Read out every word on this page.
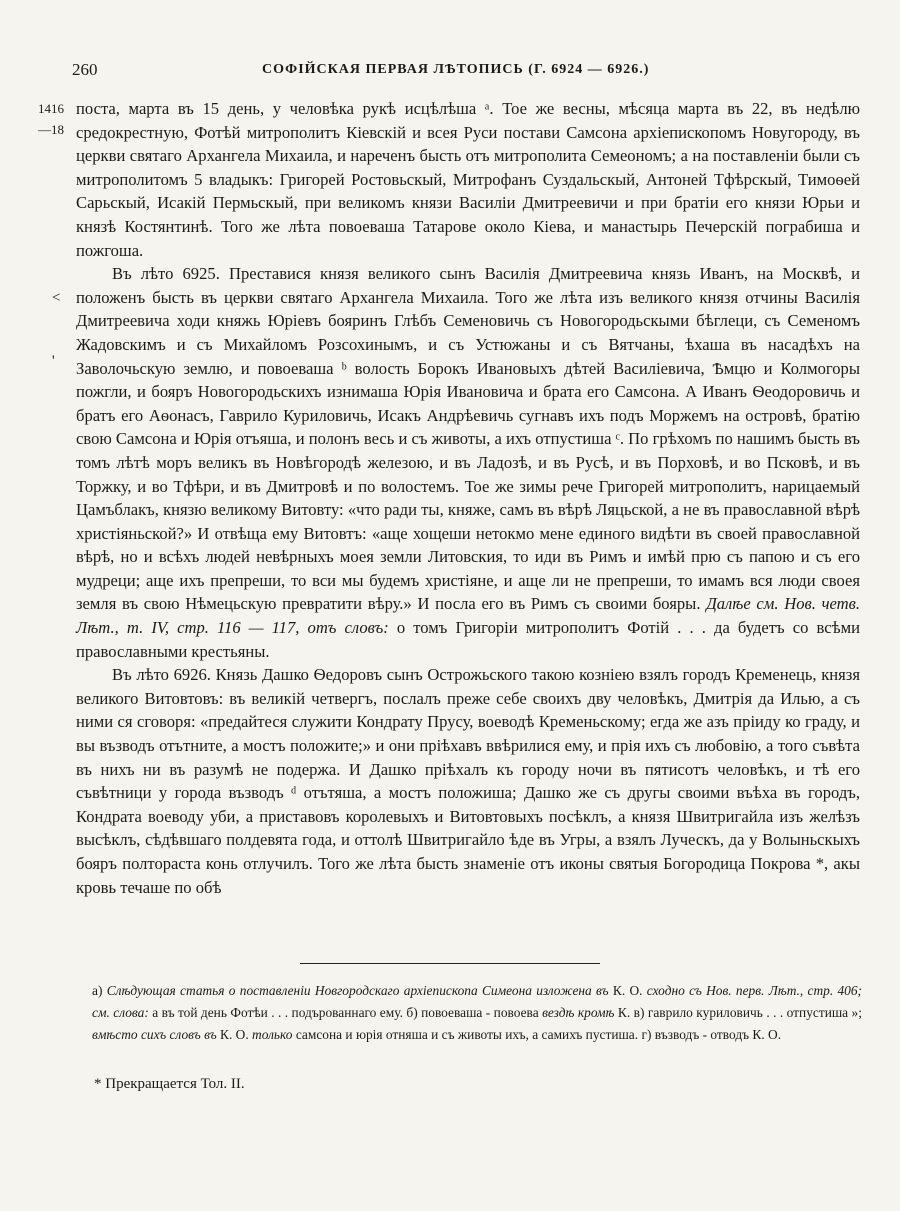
260	СОФІЙСКАЯ ПЕРВАЯ ЛѢТОПИСЬ (Г. 6924 — 6926.)
1416
—18
<
'

поста, марта въ 15 день, у человѣка рукѣ исцѣлѣша ᵃ. Тое же весны, мѣсяца марта въ 22, въ недѣлю средокрестную, Фотѣй митрополитъ Кіевскій и всея Руси постави Самсона архіепископомъ Новугороду, въ церкви святаго Архангела Михаила, и нареченъ бысть отъ митрополита Семеономъ; а на поставленіи были съ митрополитомъ 5 владыкъ: Григорей Ростовьскый, Митрофанъ Суздальскый, Антоней Тфѣрскый, Тимоѳей Сарьскый, Исакій Пермьскый, при великомъ князи Василіи Дмитреевичи и при братіи его князи Юрьи и князѣ Костянтинѣ. Того же лѣта повоеваша Татарове около Кіева, и манастырь Печерскій пограбиша и пожгоша.

Въ лѣто 6925. Преставися князя великого сынъ Василія Дмитреевича князь Иванъ, на Москвѣ, и положенъ бысть въ церкви святаго Архангела Михаила. Того же лѣта изъ великого князя отчины Василія Дмитреевича ходи княжь Юріевъ бояринъ Глѣбъ Семеновичь съ Новогородьскыми бѣглеци, съ Семеномъ Жадовскимъ и съ Михайломъ Розсохинымъ, и съ Устюжаны и съ Вятчаны, ѣхаша въ насадѣхъ на Заволочьскую землю, и повоеваша ᵇ волость Борокъ Ивановыхъ дѣтей Василіевича, Ѣмцю и Колмогоры пожгли, и бояръ Новогородьскихъ изнимаша Юрія Ивановича и брата его Самсона. А Иванъ Ѳеодоровичь и братъ его Аѳонасъ, Гаврило Куриловичь, Исакъ Андрѣевичь сугнавъ ихъ подъ Моржемъ на островѣ, братію свою Самсона и Юрія отъяша, и полонъ весь и съ животы, а ихъ отпустиша ᶜ. По грѣхомъ по нашимъ бысть въ томъ лѣтѣ моръ великъ въ Новѣгородѣ железою, и въ Ладозѣ, и въ Русѣ, и въ Порховѣ, и во Псковѣ, и въ Торжку, и во Тфѣри, и въ Дмитровѣ и по волостемъ. Тое же зимы рече Григорей митрополитъ, нарицаемый Цамъблакъ, князю великому Витовту: «что ради ты, княже, самъ въ вѣрѣ Ляцьской, а не въ православной вѣрѣ христіяньской?» И отвѣща ему Витовтъ: «аще хощеши нетокмо мене единого видѣти въ своей православной вѣрѣ, но и всѣхъ людей невѣрныхъ моея земли Литовския, то иди въ Римъ и имѣй прю съ папою и съ его мудреци; аще ихъ препреши, то вси мы будемъ христіяне, и аще ли не препреши, то имамъ вся люди своея земля въ свою Нѣмецьскую превратити вѣру.» И посла его въ Римъ съ своими бояры. Далѣе см. Нов. четв. Лѣт., т. IV, стр. 116 — 117, отъ словъ: о томъ Григоріи митрополитъ Фотій . . . да будетъ со всѣми православными крестьяны.

Въ лѣто 6926. Князь Дашко Ѳедоровъ сынъ Острожьского такою козніею взялъ городъ Кременець, князя великого Витовтовъ: въ великій четвергъ, послалъ преже себе своихъ дву человѣкъ, Дмитрія да Илью, а съ ними ся сговоря: «предайтеся служити Кондрату Прусу, воеводѣ Кременьскому; егда же азъ пріиду ко граду, и вы възводъ отътните, а мостъ положите;» и они пріѣхавъ ввѣрилися ему, и прія ихъ съ любовію, а того съвѣта въ нихъ ни въ разумѣ не подержа. И Дашко пріѣхалъ къ городу ночи въ пятисотъ человѣкъ, и тѣ его съвѣтници у города възводъ ᵈ отътяша, а мостъ положиша; Дашко же съ другы своими въѣха въ городъ, Кондрата воеводу уби, а приставовъ королевыхъ и Витовтовыхъ посѣклъ, а князя Швитригайла изъ желѣзъ высѣклъ, сѣдѣвшаго полдевята года, и оттолѣ Швитригайло ѣде въ Угры, а взялъ Луческъ, да у Волыньскыхъ бояръ полтораста конь отлучилъ. Того же лѣта бысть знаменіе отъ иконы святыя Богородица Покрова *, акы кровь течаше по обѣ

а) Слѣдующая статья о поставленіи Новгородскаго архіепископа Симеона изложена въ К. О. сходно съ Нов. перв. Лѣт., стр. 406; см. слова: а въ той день Фотѣи . . . подърованнаго ему. б) повоеваша - повоева вездѣ кромѣ К. в) гаврило куриловичь . . . отпустиша »; вмѣсто сихъ словъ въ К. О. только самсона и юрія отняша и съ животы ихъ, а самихъ пустиша. г) възводъ - отводъ К. О.

* Прекращается Тол. II.
